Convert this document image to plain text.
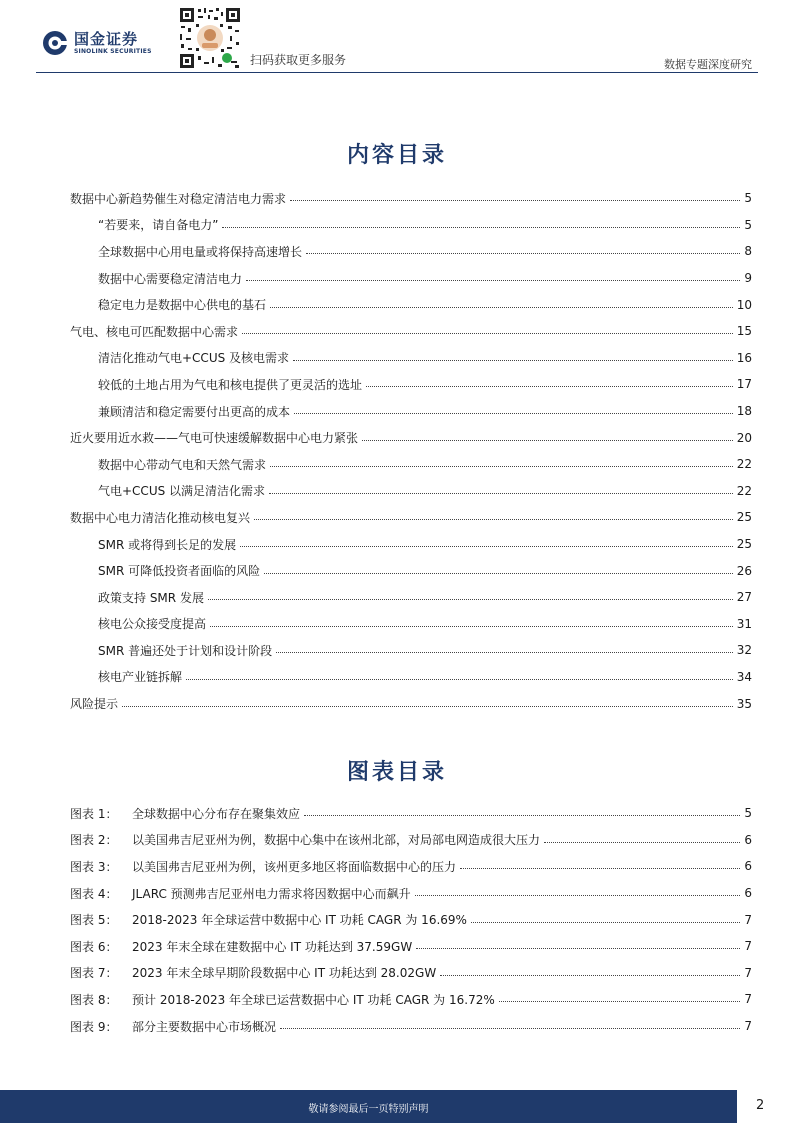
国金证券
SINOLINK SECURITIES
扫码获取更多服务	数据专题深度研究
内容目录
数据中心新趋势催生对稳定清洁电力需求	5
“若要来，请自备电力”	5
全球数据中心用电量或将保持高速增长	8
数据中心需要稳定清洁电力	9
稳定电力是数据中心供电的基石	10
气电、核电可匹配数据中心需求	15
清洁化推动气电+CCUS 及核电需求	16
较低的土地占用为气电和核电提供了更灵活的选址	17
兼顾清洁和稳定需要付出更高的成本	18
近火要用近水救——气电可快速缓解数据中心电力紧张	20
数据中心带动气电和天然气需求	22
气电+CCUS 以满足清洁化需求	22
数据中心电力清洁化推动核电复兴	25
SMR 或将得到长足的发展	25
SMR 可降低投资者面临的风险	26
政策支持 SMR 发展	27
核电公众接受度提高	31
SMR 普遍还处于计划和设计阶段	32
核电产业链拆解	34
风险提示	35
图表目录
图表 1：	全球数据中心分布存在聚集效应	5
图表 2：	以美国弗吉尼亚州为例，数据中心集中在该州北部，对局部电网造成很大压力	6
图表 3：	以美国弗吉尼亚州为例，该州更多地区将面临数据中心的压力	6
图表 4：	JLARC 预测弗吉尼亚州电力需求将因数据中心而飙升	6
图表 5：	2018-2023 年全球运营中数据中心 IT 功耗 CAGR 为 16.69%	7
图表 6：	2023 年末全球在建数据中心 IT 功耗达到 37.59GW	7
图表 7：	2023 年末全球早期阶段数据中心 IT 功耗达到 28.02GW	7
图表 8：	预计 2018-2023 年全球已运营数据中心 IT 功耗 CAGR 为 16.72%	7
图表 9：	部分主要数据中心市场概况	7
敬请参阅最后一页特别声明	2
